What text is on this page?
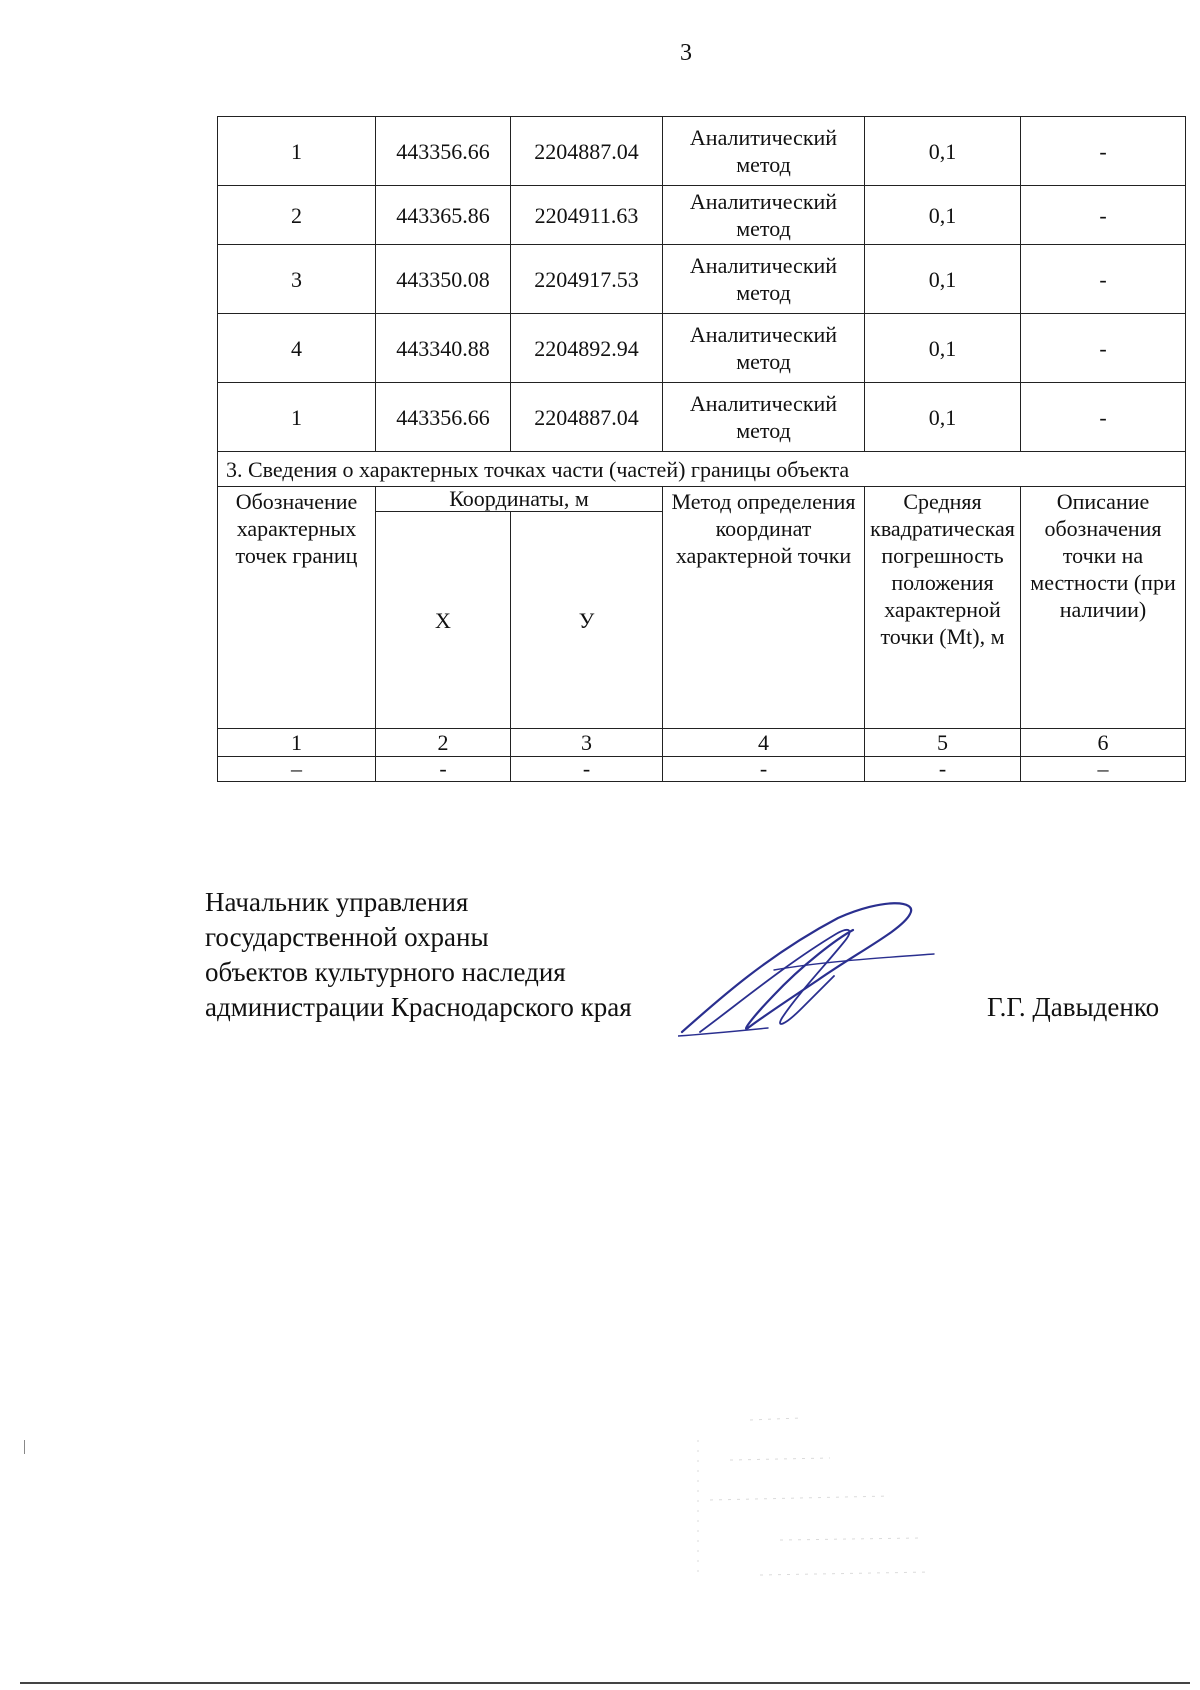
3
1	443356.66	2204887.04	Аналитический метод	0,1	-
2	443365.86	2204911.63	Аналитический метод	0,1	-
3	443350.08	2204917.53	Аналитический метод	0,1	-
4	443340.88	2204892.94	Аналитический метод	0,1	-
1	443356.66	2204887.04	Аналитический метод	0,1	-
3. Сведения о характерных точках части (частей) границы объекта					
Обозначение характерных точек границ	Координаты, м		Метод определения координат характерной точки	Средняя квадратическая погрешность положения характерной точки (Mt), м	Описание обозначения точки на местности (при наличии)
	Х	У			
1	2	3	4	5	6
–	-	-	-	-	–
Начальник управления
государственной охраны
объектов культурного наследия
администрации Краснодарского края	Г.Г. Давыденко
